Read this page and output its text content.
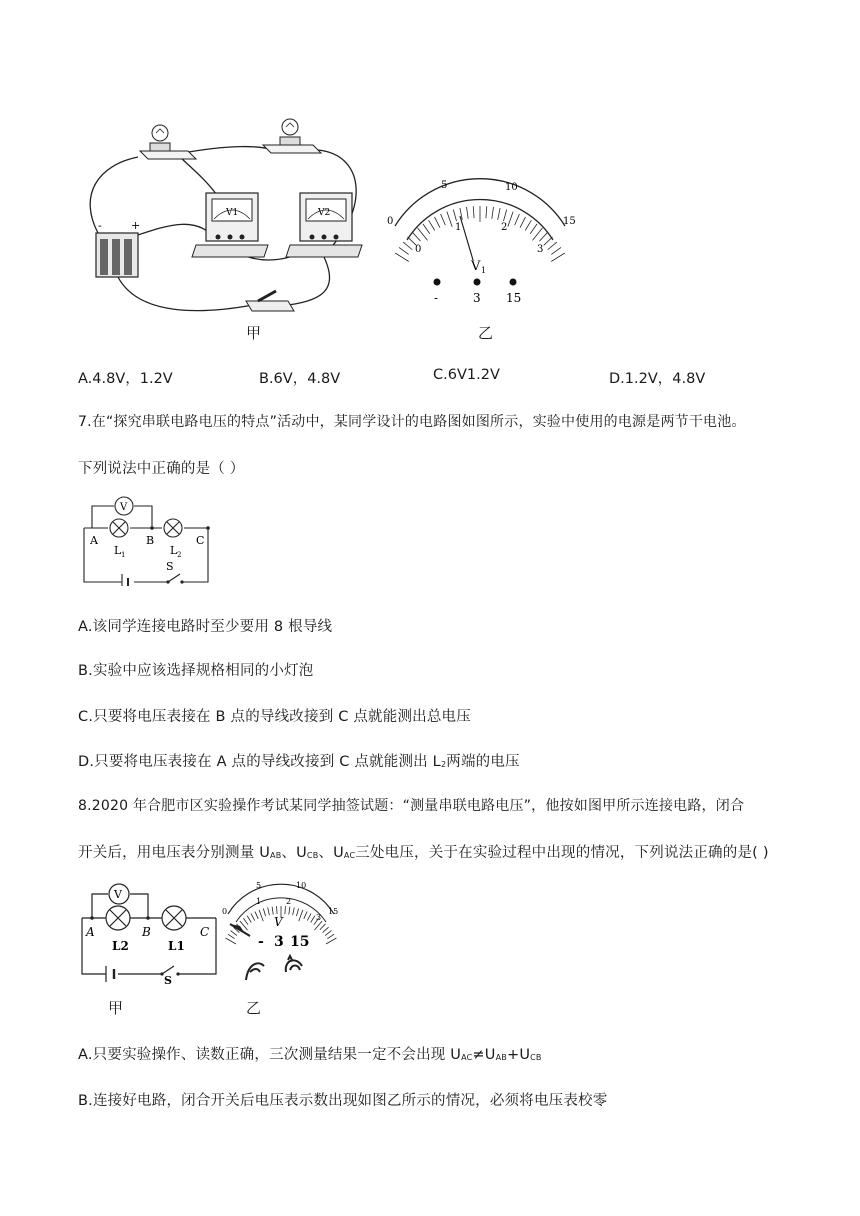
-	+
V1	V2
甲
0
5	10
15
0
1	2
3
V 1
-	3 15
乙
A.4.8V，1.2V	B.6V，4.8V	C.6V1.2V	D.1.2V，4.8V
7.在“探究串联电路电压的特点”活动中，某同学设计的电路图如图所示，实验中使用的电源是两节干电池。
下列说法中正确的是（ ）
V
A	B	C
L 1	L 2
S
A.该同学连接电路时至少要用 8 根导线
B.实验中应该选择规格相同的小灯泡
C.只要将电压表接在 B 点的导线改接到 C 点就能测出总电压
D.只要将电压表接在 A 点的导线改接到 C 点就能测出 $L_2$两端的电压
8.2020 年合肥市区实验操作考试某同学抽签试题：“测量串联电路电压”，他按如图甲所示连接电路，闭合
开关后，用电压表分别测量 $U_{AB}$、$U_{CB}$、$U_{AC}$三处电压，关于在实验过程中出现的情况，下列说法正确的是( )
V
A	B	C
L2	L1
S
甲
0
5	10
15
1	2
3
V
- 3 15
乙
A.只要实验操作、读数正确，三次测量结果一定不会出现 $U_{AC}\ne U_{AB}+U_{CB}$
B.连接好电路，闭合开关后电压表示数出现如图乙所示的情况，必须将电压表校零
